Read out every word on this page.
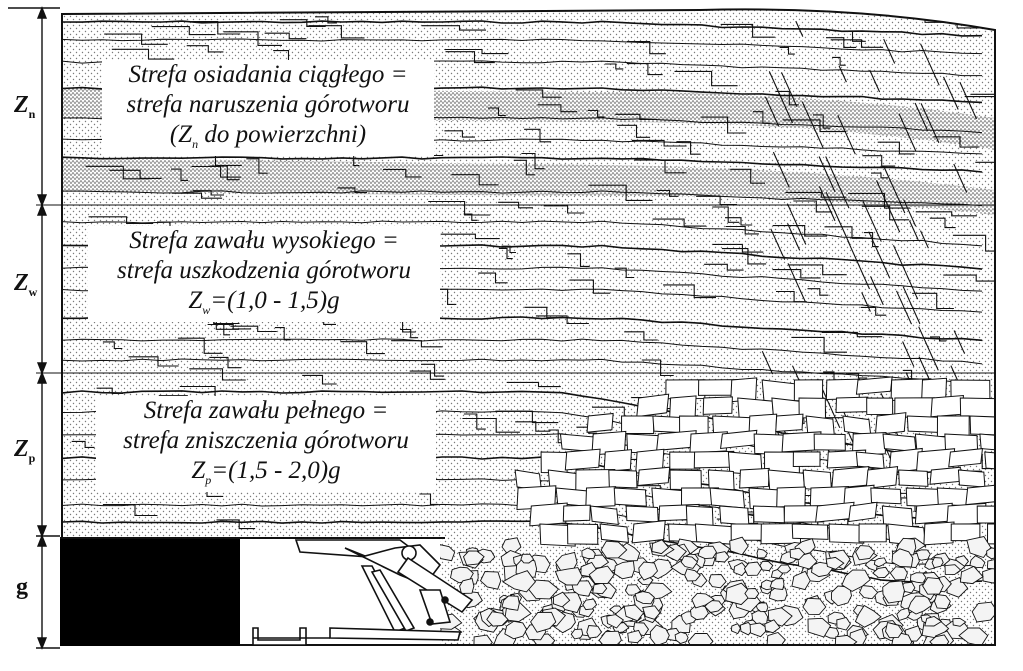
Strefa osiadania ciągłego =
strefa naruszenia górotworu
($Z_n$ do powierzchni)
Strefa zawału wysokiego =
strefa uszkodzenia górotworu
$Z_w=(1,0 - 1,5)g$
Strefa zawału pełnego =
strefa zniszczenia górotworu
$Z_p=(1,5 - 2,0)g$
$Z_n$
$Z_w$
$Z_p$
g
